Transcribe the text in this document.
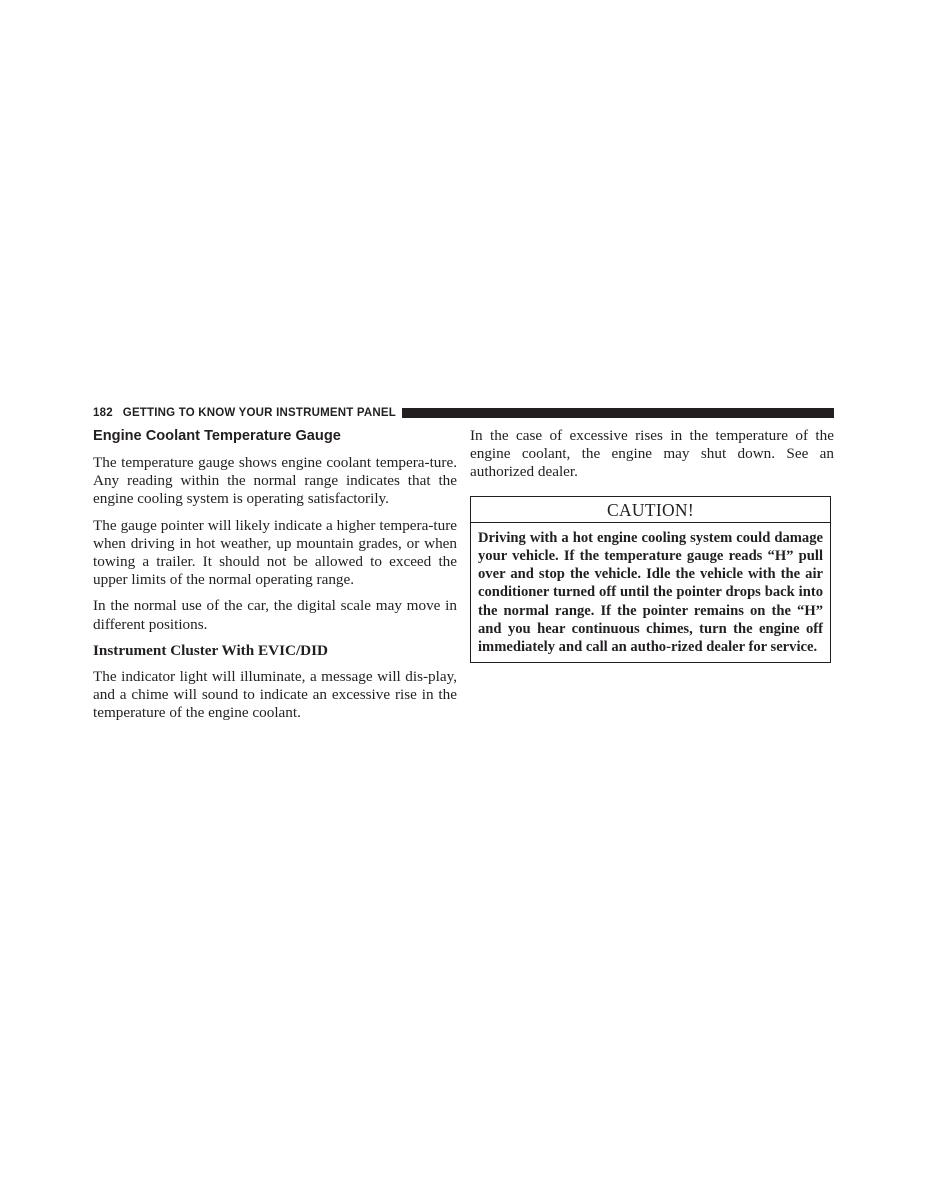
182 GETTING TO KNOW YOUR INSTRUMENT PANEL
Engine Coolant Temperature Gauge

The temperature gauge shows engine coolant tempera-ture. Any reading within the normal range indicates that the engine cooling system is operating satisfactorily.

The gauge pointer will likely indicate a higher tempera-ture when driving in hot weather, up mountain grades, or when towing a trailer. It should not be allowed to exceed the upper limits of the normal operating range.

In the normal use of the car, the digital scale may move in different positions.

Instrument Cluster With EVIC/DID

The indicator light will illuminate, a message will dis-play, and a chime will sound to indicate an excessive rise in the temperature of the engine coolant.

In the case of excessive rises in the temperature of the engine coolant, the engine may shut down. See an authorized dealer.

CAUTION!
Driving with a hot engine cooling system could damage your vehicle. If the temperature gauge reads “H” pull over and stop the vehicle. Idle the vehicle with the air conditioner turned off until the pointer drops back into the normal range. If the pointer remains on the “H” and you hear continuous chimes, turn the engine off immediately and call an autho-rized dealer for service.
